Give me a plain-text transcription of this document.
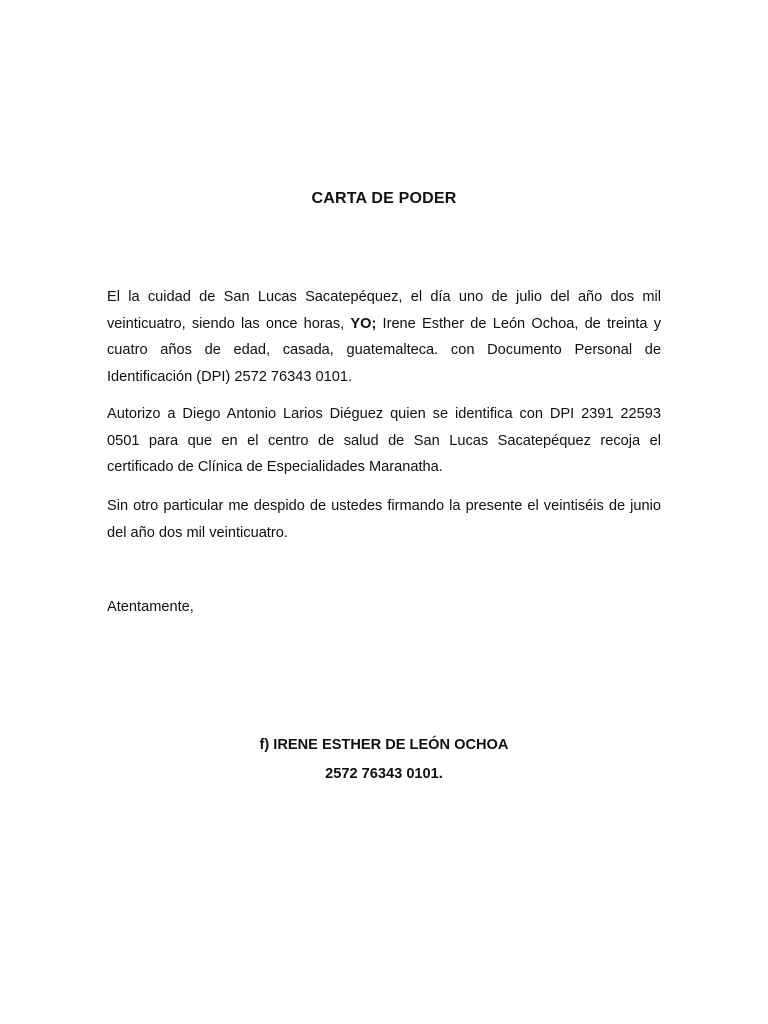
CARTA DE PODER
El la cuidad de San Lucas Sacatepéquez, el día uno de julio del año dos mil veinticuatro, siendo las once horas, YO; Irene Esther de León Ochoa, de treinta y cuatro años de edad, casada, guatemalteca. con Documento Personal de Identificación (DPI) 2572 76343 0101.
Autorizo a Diego Antonio Larios Diéguez quien se identifica con DPI 2391 22593 0501 para que en el centro de salud de San Lucas Sacatepéquez recoja el certificado de Clínica de Especialidades Maranatha.
Sin otro particular me despido de ustedes firmando la presente el veintiséis de junio del año dos mil veinticuatro.
Atentamente,
f) IRENE ESTHER DE LEÓN OCHOA
2572 76343 0101.
